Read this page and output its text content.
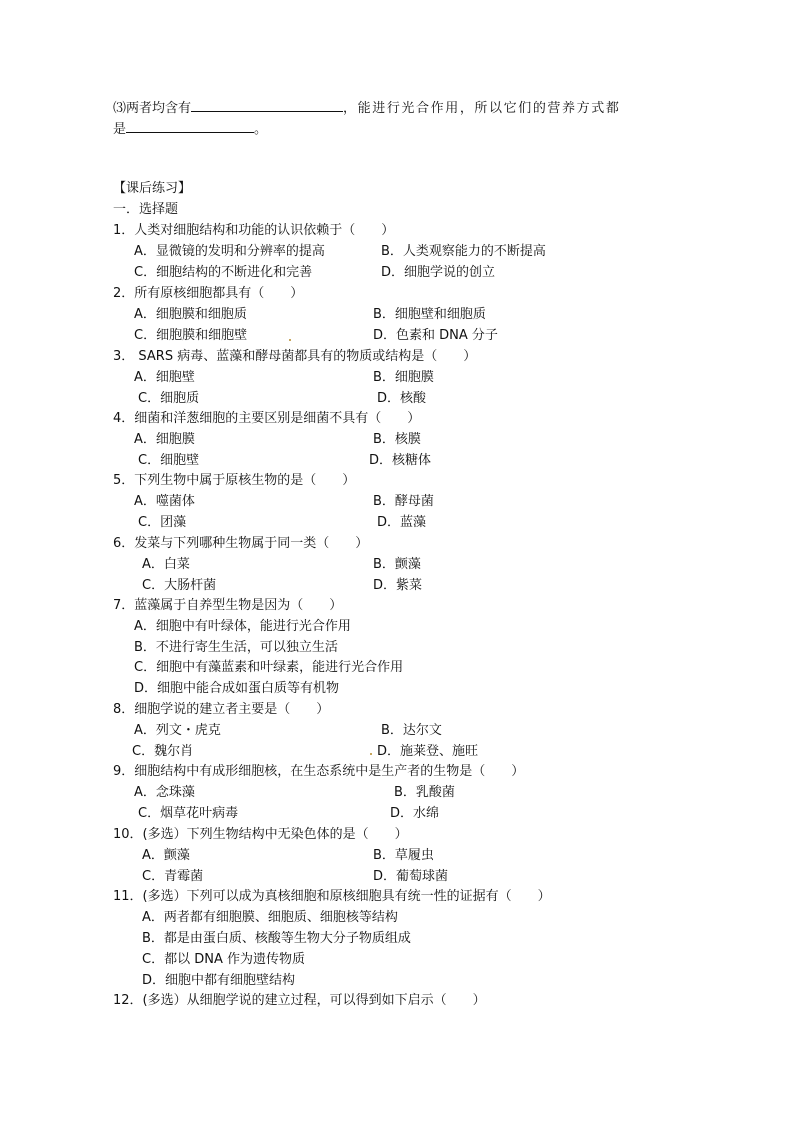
⑶两者均含有	，能进行光合作用，所以它们的营养方式都
是	。
【课后练习】
一．选择题
1．人类对细胞结构和功能的认识依赖于（　　）
A．显微镜的发明和分辨率的提高	B．人类观察能力的不断提高
C．细胞结构的不断进化和完善	D．细胞学说的创立
2．所有原核细胞都具有（　　）
A．细胞膜和细胞质	B．细胞壁和细胞质
C．细胞膜和细胞壁	D．色素和 DNA 分子
3． SARS 病毒、蓝藻和酵母菌都具有的物质或结构是（　　）
A．细胞壁	B．细胞膜
C．细胞质	D．核酸
4．细菌和洋葱细胞的主要区别是细菌不具有（　　）
A．细胞膜	B．核膜
C．细胞壁	D．核糖体
5．下列生物中属于原核生物的是（　　）
A．噬菌体	B．酵母菌
C．团藻	D．蓝藻
6．发菜与下列哪种生物属于同一类（　　）
A．白菜	B．颤藻
C．大肠杆菌	D．紫菜
7．蓝藻属于自养型生物是因为（　　）
A．细胞中有叶绿体，能进行光合作用
B．不进行寄生生活，可以独立生活
C．细胞中有藻蓝素和叶绿素，能进行光合作用
D．细胞中能合成如蛋白质等有机物
8．细胞学说的建立者主要是（　　）
A．列文・虎克	B．达尔文
C．魏尔肖	D．施莱登、施旺
9．细胞结构中有成形细胞核，在生态系统中是生产者的生物是（　　）
A．念珠藻	B．乳酸菌
C．烟草花叶病毒	D．水绵
10．(多选）下列生物结构中无染色体的是（　　）
A．颤藻	B．草履虫
C．青霉菌	D．葡萄球菌
11．(多选）下列可以成为真核细胞和原核细胞具有统一性的证据有（　　）
A．两者都有细胞膜、细胞质、细胞核等结构
B．都是由蛋白质、核酸等生物大分子物质组成
C．都以 DNA 作为遗传物质
D．细胞中都有细胞壁结构
12．(多选）从细胞学说的建立过程，可以得到如下启示（　　）
